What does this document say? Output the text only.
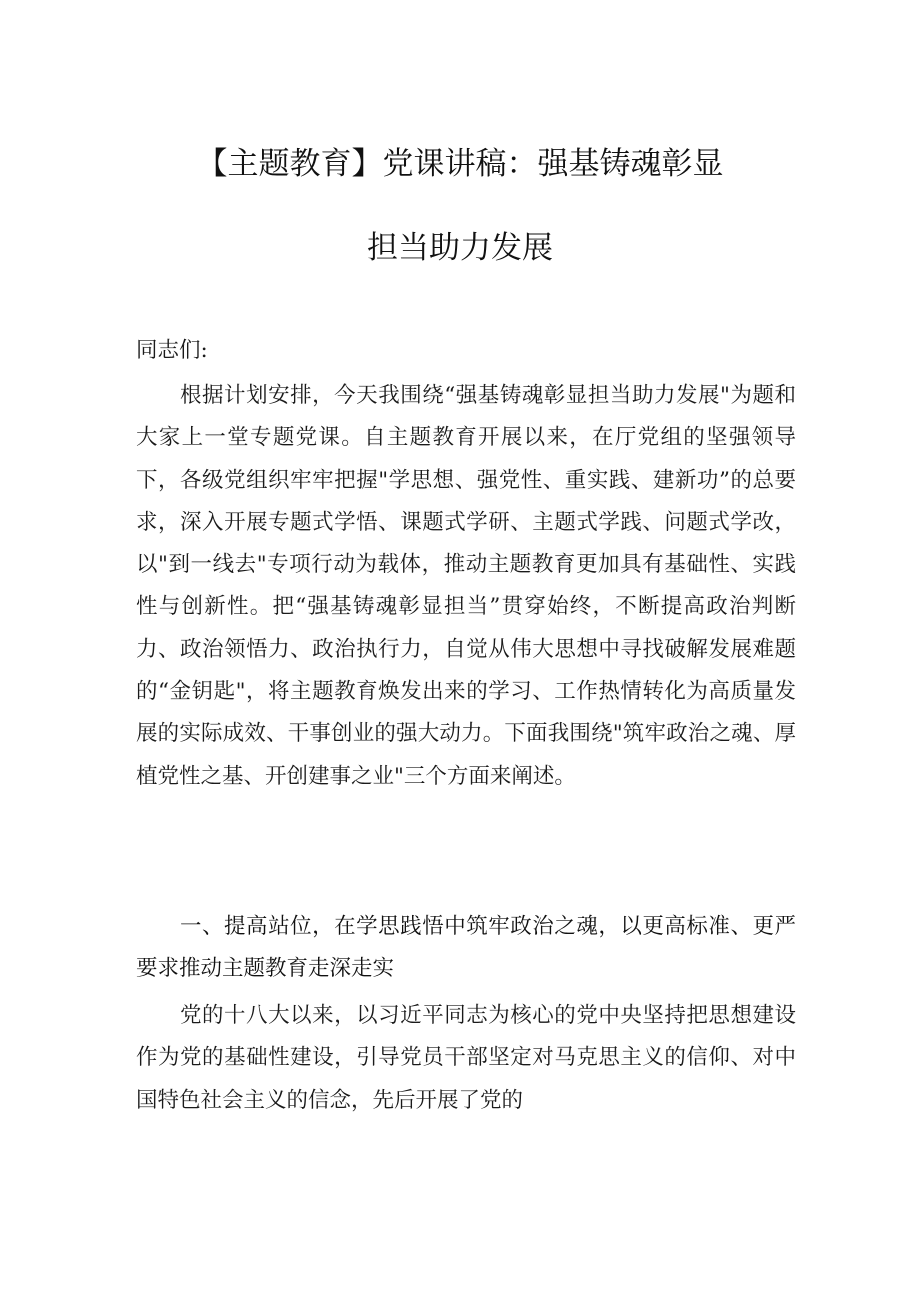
【主题教育】党课讲稿：强基铸魂彰显
担当助力发展

同志们:

根据计划安排，今天我围绕“强基铸魂彰显担当助力发展"为题和大家上一堂专题党课。自主题教育开展以来，在厅党组的坚强领导下，各级党组织牢牢把握"学思想、强党性、重实践、建新功”的总要求，深入开展专题式学悟、课题式学研、主题式学践、问题式学改，以"到一线去"专项行动为载体，推动主题教育更加具有基础性、实践性与创新性。把“强基铸魂彰显担当”贯穿始终，不断提高政治判断力、政治领悟力、政治执行力，自觉从伟大思想中寻找破解发展难题的“金钥匙"，将主题教育焕发出来的学习、工作热情转化为高质量发展的实际成效、干事创业的强大动力。下面我围绕"筑牢政治之魂、厚植党性之基、开创建事之业"三个方面来阐述。

一、提高站位，在学思践悟中筑牢政治之魂，以更高标准、更严要求推动主题教育走深走实

党的十八大以来，以习近平同志为核心的党中央坚持把思想建设作为党的基础性建设，引导党员干部坚定对马克思主义的信仰、对中国特色社会主义的信念，先后开展了党的
